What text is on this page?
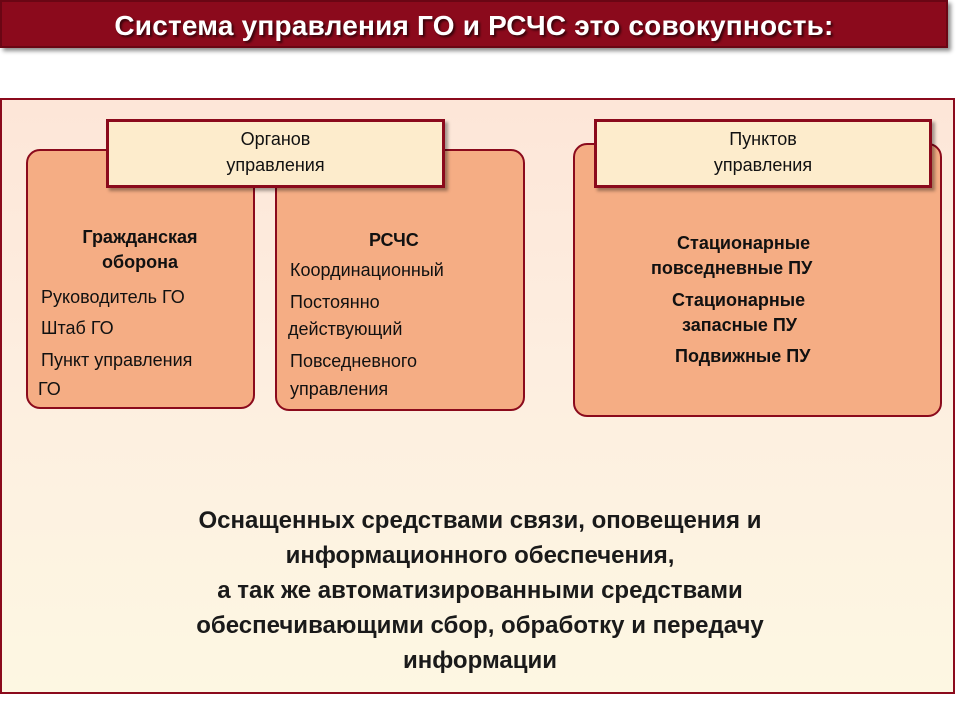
Система управления ГО и РСЧС это совокупность:
Органов
управления
Пунктов
управления
Гражданская
оборона
Руководитель ГО
Штаб ГО
Пункт управления
ГО
РСЧС
Координационный
Постоянно
действующий
Повседневного
управления
Стационарные
повседневные ПУ
Стационарные
запасные ПУ
Подвижные ПУ
Оснащенных средствами связи, оповещения и
информационного обеспечения,
а так же автоматизированными средствами
обеспечивающими сбор, обработку и передачу
информации
